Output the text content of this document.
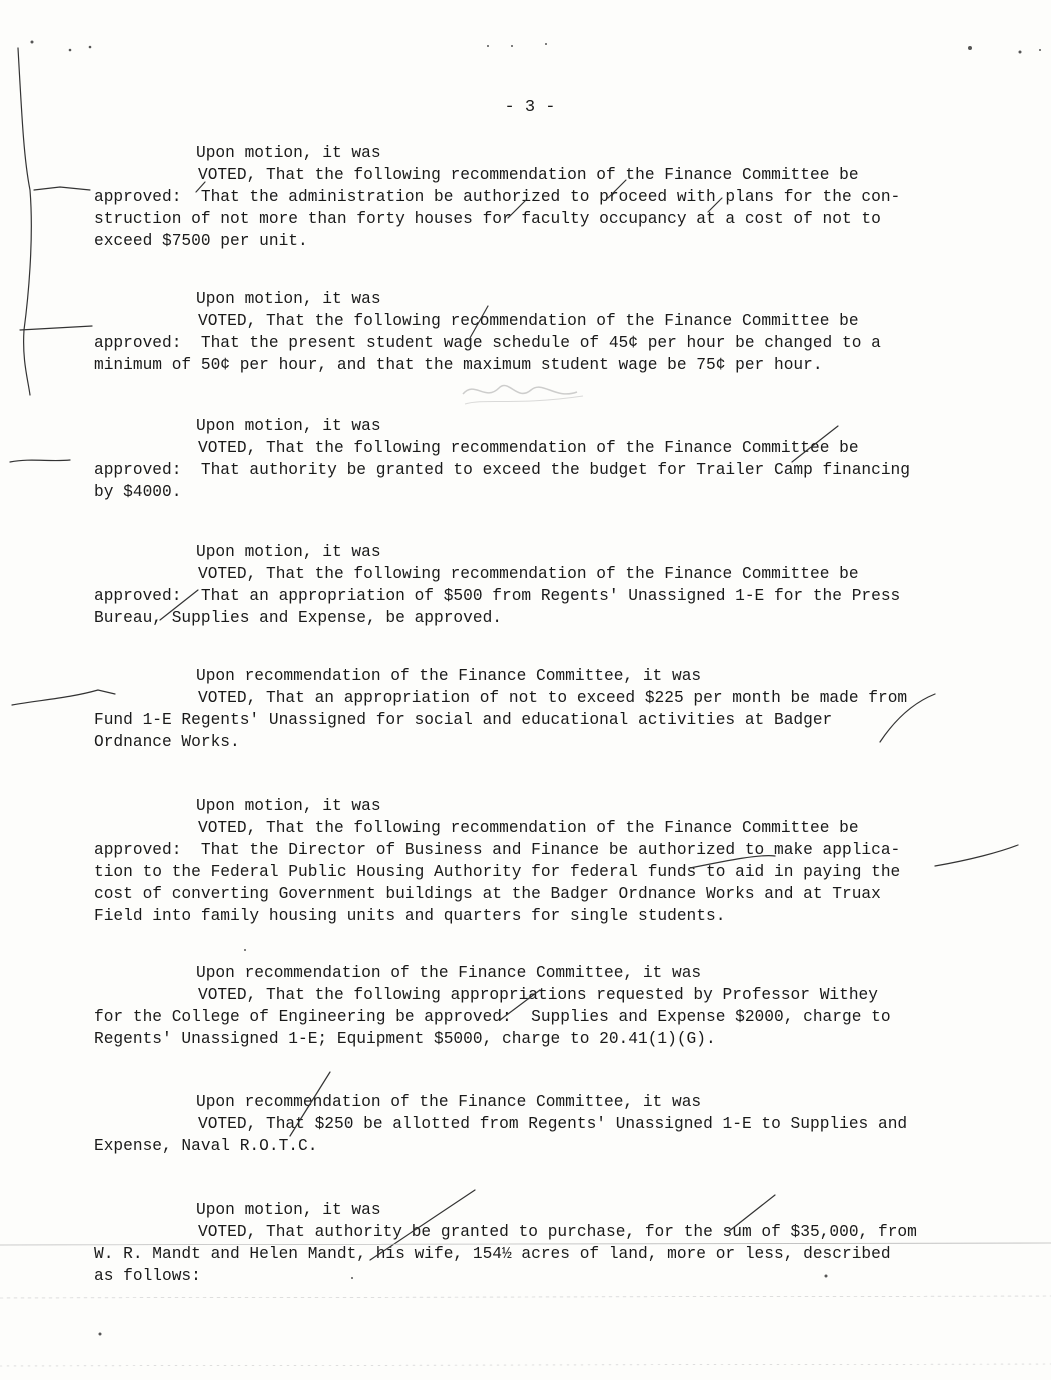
- 3 -
Upon motion, it was
VOTED, That the following recommendation of the Finance Committee be
approved:  That the administration be authorized to proceed with plans for the con-
struction of not more than forty houses for faculty occupancy at a cost of not to
exceed $7500 per unit.
Upon motion, it was
VOTED, That the following recommendation of the Finance Committee be
approved:  That the present student wage schedule of 45¢ per hour be changed to a
minimum of 50¢ per hour, and that the maximum student wage be 75¢ per hour.
Upon motion, it was
VOTED, That the following recommendation of the Finance Committee be
approved:  That authority be granted to exceed the budget for Trailer Camp financing
by $4000.
Upon motion, it was
VOTED, That the following recommendation of the Finance Committee be
approved:  That an appropriation of $500 from Regents' Unassigned 1-E for the Press
Bureau, Supplies and Expense, be approved.
Upon recommendation of the Finance Committee, it was
VOTED, That an appropriation of not to exceed $225 per month be made from
Fund 1-E Regents' Unassigned for social and educational activities at Badger
Ordnance Works.
Upon motion, it was
VOTED, That the following recommendation of the Finance Committee be
approved:  That the Director of Business and Finance be authorized to make applica-
tion to the Federal Public Housing Authority for federal funds to aid in paying the
cost of converting Government buildings at the Badger Ordnance Works and at Truax
Field into family housing units and quarters for single students.
Upon recommendation of the Finance Committee, it was
VOTED, That the following appropriations requested by Professor Withey
for the College of Engineering be approved:  Supplies and Expense $2000, charge to
Regents' Unassigned 1-E; Equipment $5000, charge to 20.41(1)(G).
Upon recommendation of the Finance Committee, it was
VOTED, That $250 be allotted from Regents' Unassigned 1-E to Supplies and
Expense, Naval R.O.T.C.
Upon motion, it was
VOTED, That authority be granted to purchase, for the sum of $35,000, from
W. R. Mandt and Helen Mandt, his wife, 154½ acres of land, more or less, described
as follows:
